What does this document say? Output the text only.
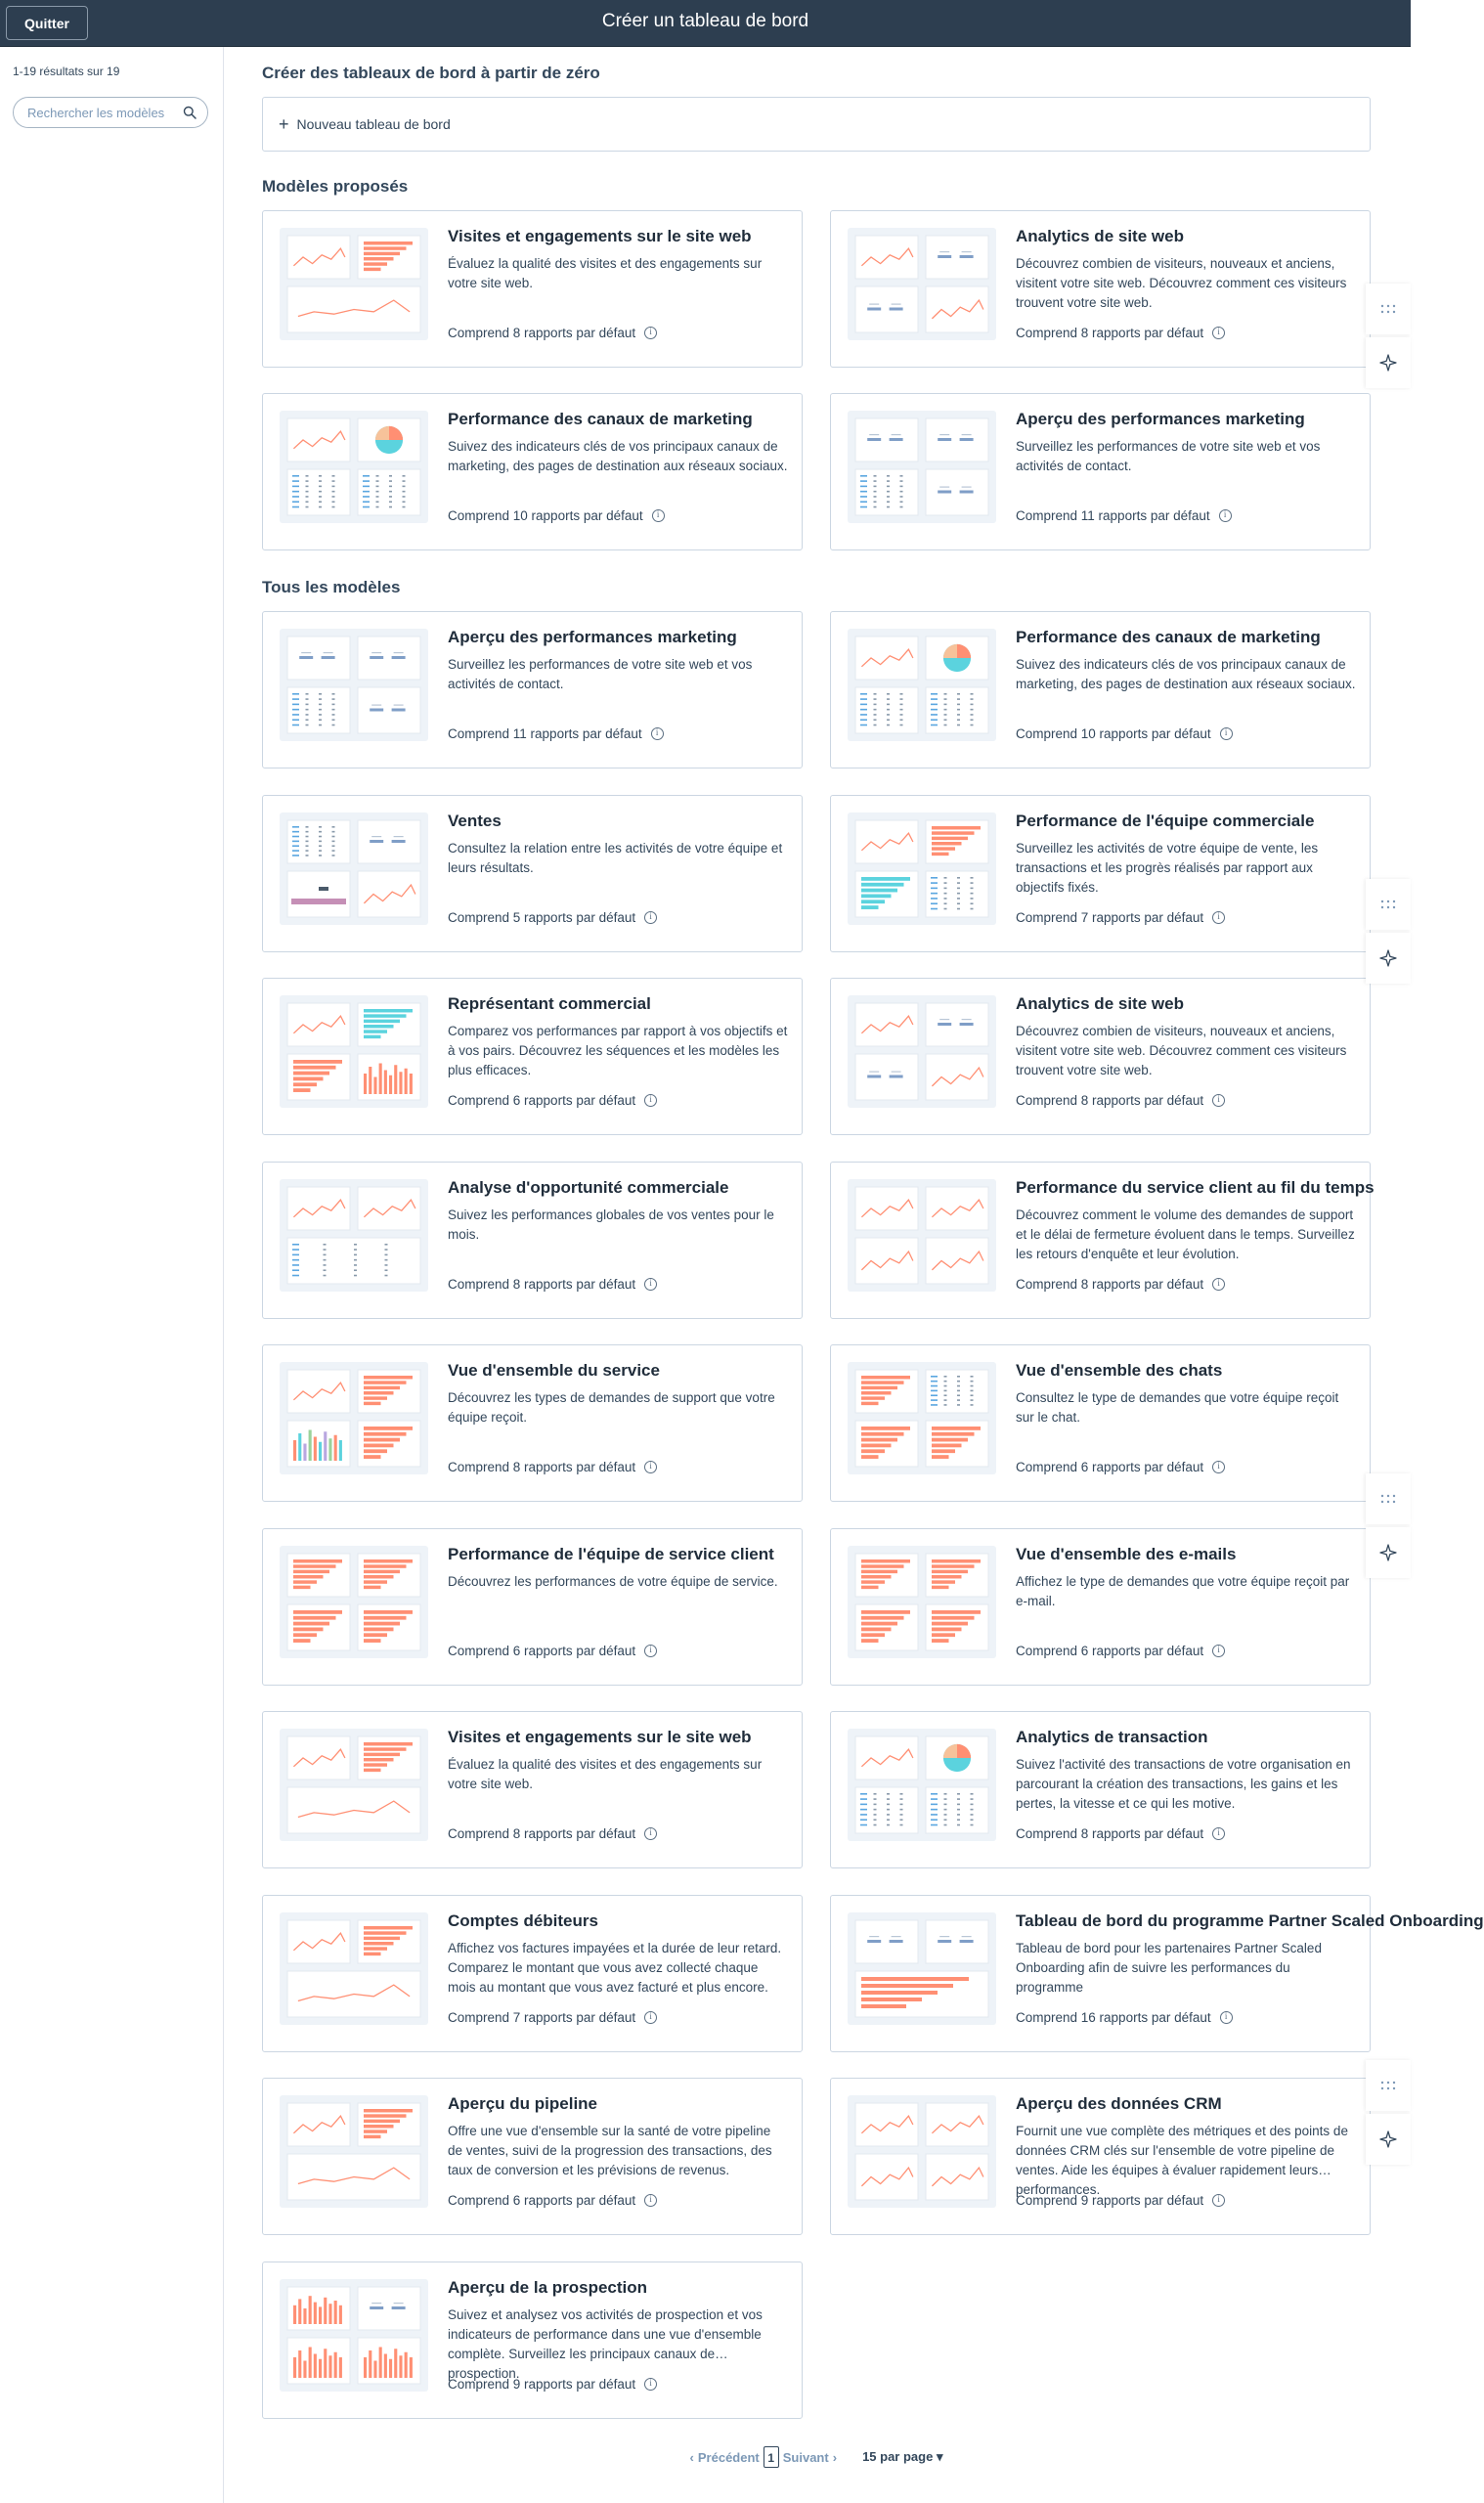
Quitter	Créer un tableau de bord
1-19 résultats sur 19
Rechercher les modèles	Créer des tableaux de bord à partir de zéro
+ Nouveau tableau de bord
Modèles proposés
Tous les modèles
Visites et engagements sur le site web
Évaluez la qualité des visites et des engagements sur votre site web.
Comprend 8 rapports par défaut
i
Analytics de site web
Découvrez combien de visiteurs, nouveaux et anciens, visitent votre site web. Découvrez comment ces visiteurs trouvent votre site web.
Comprend 8 rapports par défaut
i
Performance des canaux de marketing
Suivez des indicateurs clés de vos principaux canaux de marketing, des pages de destination aux réseaux sociaux.
Comprend 10 rapports par défaut
i
Aperçu des performances marketing
Surveillez les performances de votre site web et vos activités de contact.
Comprend 11 rapports par défaut
i
Aperçu des performances marketing
Surveillez les performances de votre site web et vos activités de contact.
Comprend 11 rapports par défaut
i
Performance des canaux de marketing
Suivez des indicateurs clés de vos principaux canaux de marketing, des pages de destination aux réseaux sociaux.
Comprend 10 rapports par défaut
i
Ventes
Consultez la relation entre les activités de votre équipe et leurs résultats.
Comprend 5 rapports par défaut
i
Performance de l'équipe commerciale
Surveillez les activités de votre équipe de vente, les transactions et les progrès réalisés par rapport aux objectifs fixés.
Comprend 7 rapports par défaut
i
Représentant commercial
Comparez vos performances par rapport à vos objectifs et à vos pairs. Découvrez les séquences et les modèles les plus efficaces.
Comprend 6 rapports par défaut
i
Analytics de site web
Découvrez combien de visiteurs, nouveaux et anciens, visitent votre site web. Découvrez comment ces visiteurs trouvent votre site web.
Comprend 8 rapports par défaut
i
Analyse d'opportunité commerciale
Suivez les performances globales de vos ventes pour le mois.
Comprend 8 rapports par défaut
i
Performance du service client au fil du temps
Découvrez comment le volume des demandes de support et le délai de fermeture évoluent dans le temps. Surveillez les retours d'enquête et leur évolution.
Comprend 8 rapports par défaut
i
Vue d'ensemble du service
Découvrez les types de demandes de support que votre équipe reçoit.
Comprend 8 rapports par défaut
i
Vue d'ensemble des chats
Consultez le type de demandes que votre équipe reçoit sur le chat.
Comprend 6 rapports par défaut
i
Performance de l'équipe de service client
Découvrez les performances de votre équipe de service.
Comprend 6 rapports par défaut
i
Vue d'ensemble des e-mails
Affichez le type de demandes que votre équipe reçoit par e-mail.
Comprend 6 rapports par défaut
i
Visites et engagements sur le site web
Évaluez la qualité des visites et des engagements sur votre site web.
Comprend 8 rapports par défaut
i
Analytics de transaction
Suivez l'activité des transactions de votre organisation en parcourant la création des transactions, les gains et les pertes, la vitesse et ce qui les motive.
Comprend 8 rapports par défaut
i
Comptes débiteurs
Affichez vos factures impayées et la durée de leur retard. Comparez le montant que vous avez collecté chaque mois au montant que vous avez facturé et plus encore.
Comprend 7 rapports par défaut
i
Tableau de bord du programme Partner Scaled Onboarding
Tableau de bord pour les partenaires Partner Scaled Onboarding afin de suivre les performances du programme
Comprend 16 rapports par défaut
i
Aperçu du pipeline
Offre une vue d'ensemble sur la santé de votre pipeline de ventes, suivi de la progression des transactions, des taux de conversion et les prévisions de revenus.
Comprend 6 rapports par défaut
i
Aperçu des données CRM
Fournit une vue complète des métriques et des points de données CRM clés sur l'ensemble de votre pipeline de ventes. Aide les équipes à évaluer rapidement leurs performances.
Comprend 9 rapports par défaut
i
Aperçu de la prospection
Suivez et analysez vos activités de prospection et vos indicateurs de performance dans une vue d'ensemble complète. Surveillez les principaux canaux de prospection.
Comprend 9 rapports par défaut
i
‹ Précédent 1 Suivant › 15 par page ▾
